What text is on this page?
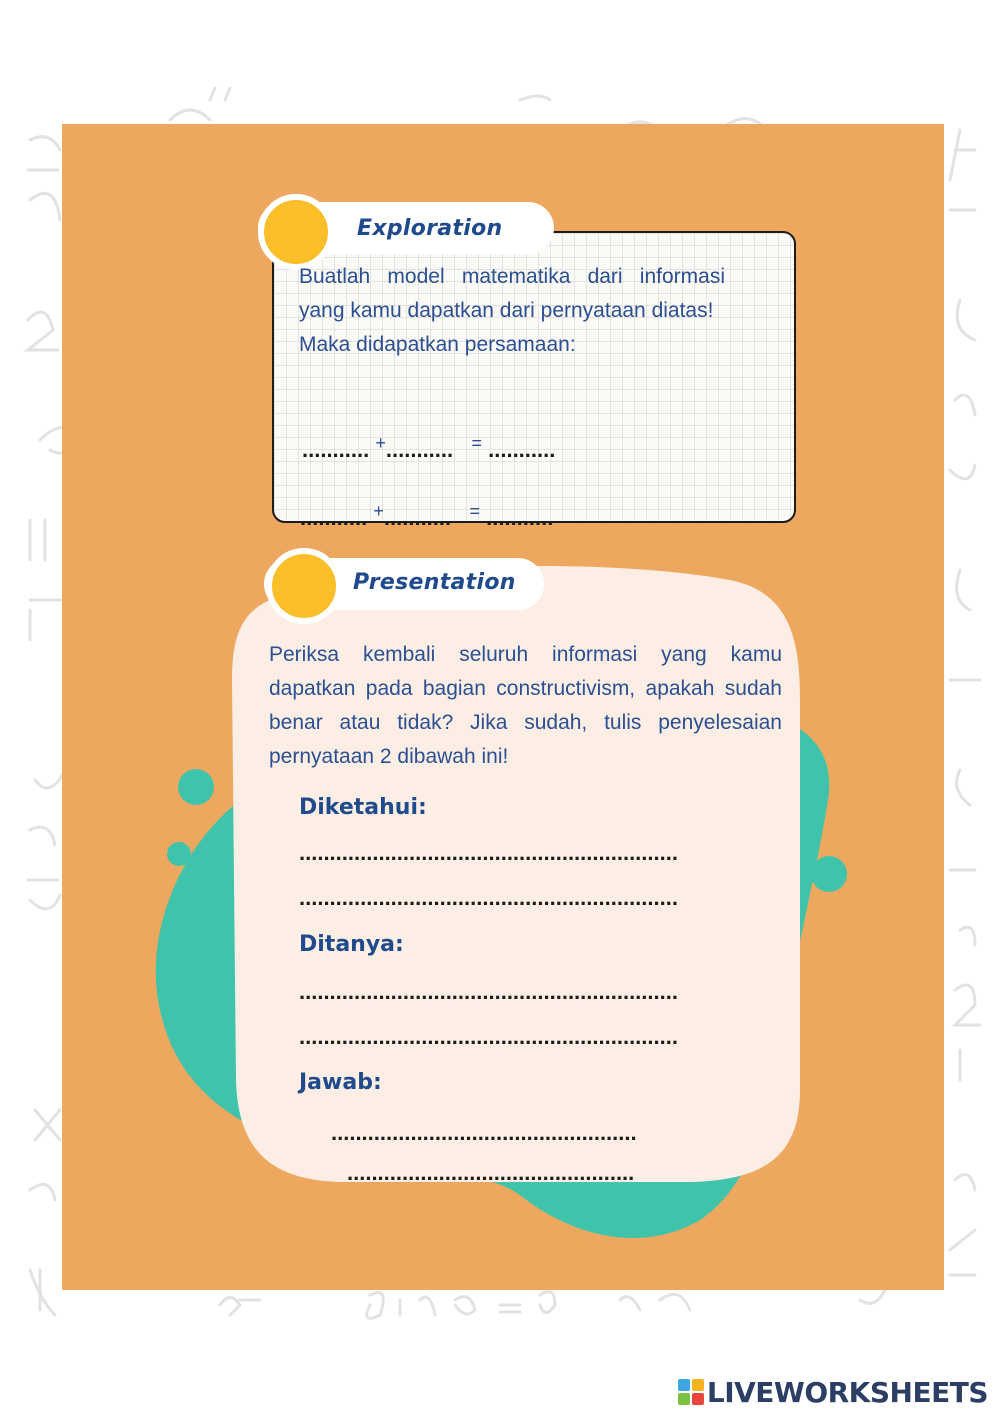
Exploration

Buatlah model matematika dari informasi yang kamu dapatkan dari pernyataan diatas!

Maka didapatkan persamaan:

........... +........... = ...........
........... +........... = ...........
Presentation

Periksa kembali seluruh informasi yang kamu dapatkan pada bagian constructivism, apakah sudah benar atau tidak? Jika sudah, tulis penyelesaian pernyataan 2 dibawah ini!

Diketahui:
..............................................................
..............................................................
Ditanya:
..............................................................
..............................................................
Jawab:
..................................................
...............................................
LIVEWORKSHEETS
